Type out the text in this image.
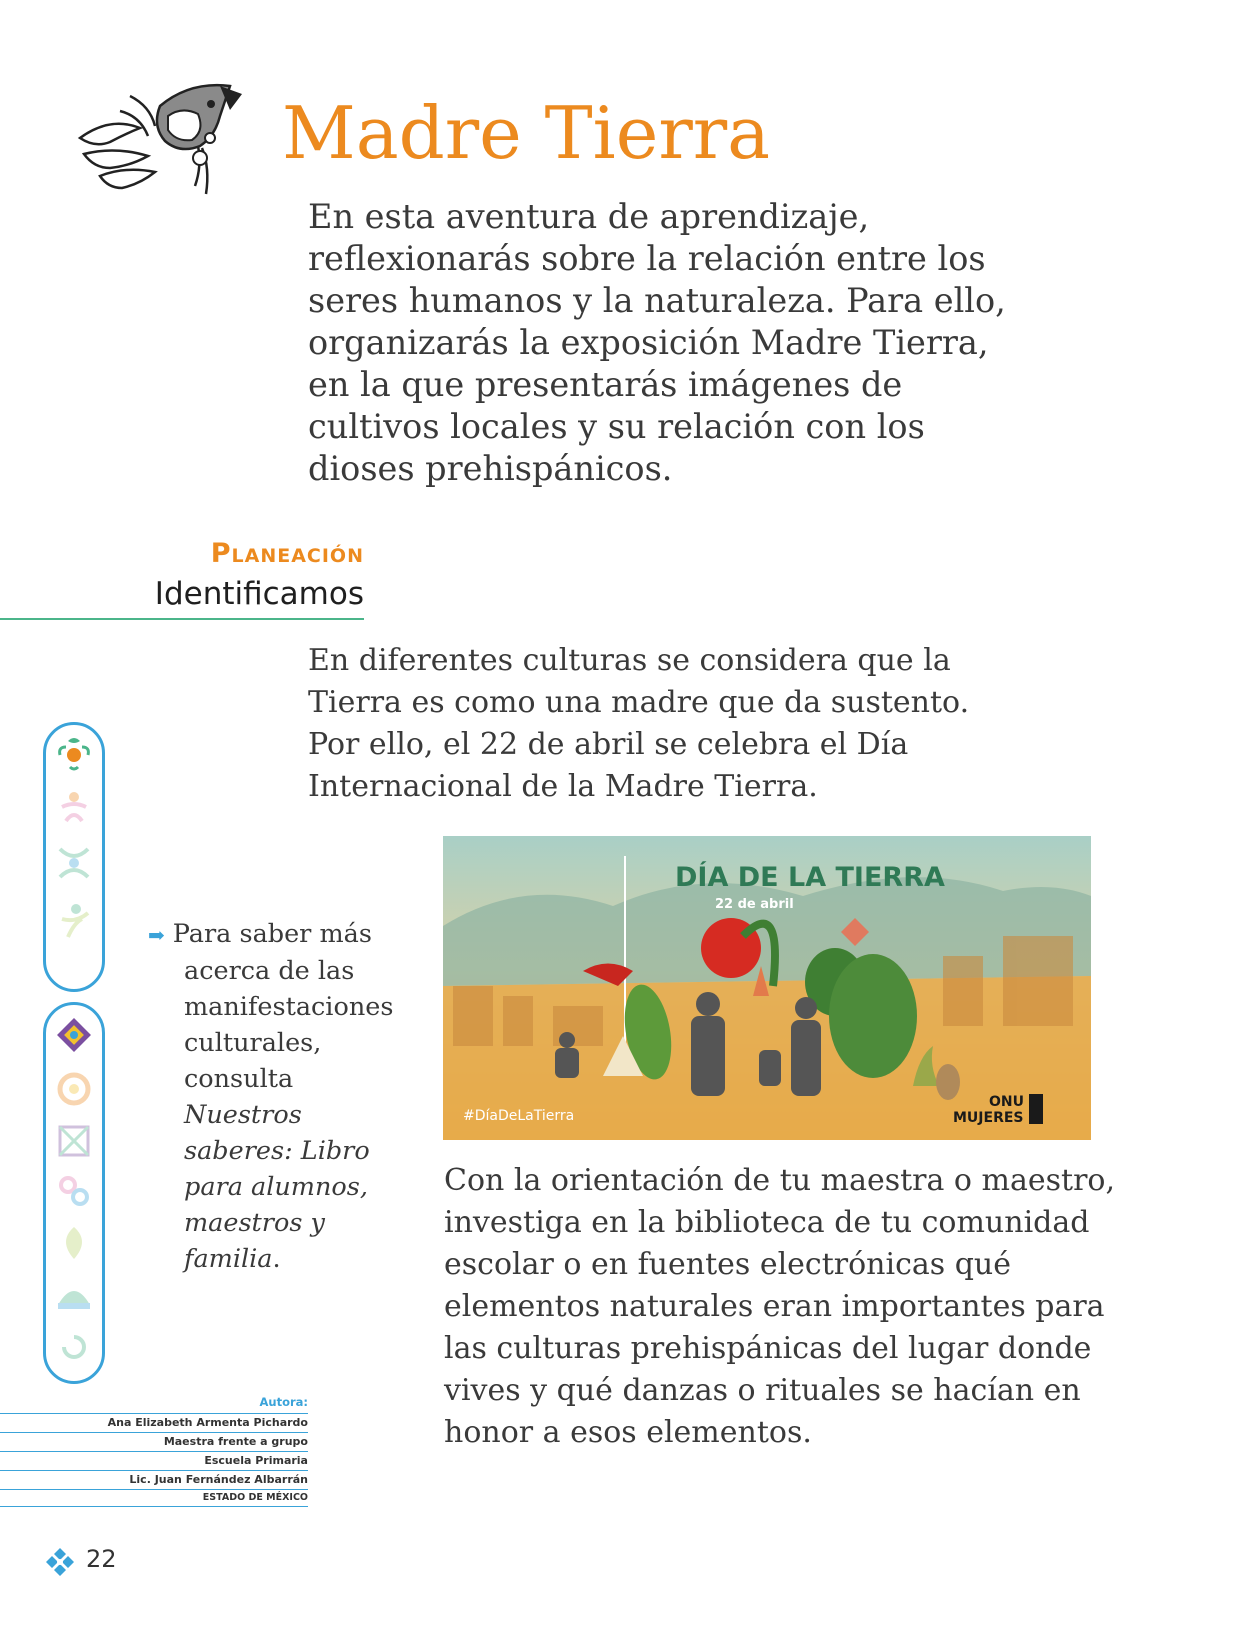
Madre Tierra

En esta aventura de aprendizaje, reflexionarás sobre la relación entre los seres humanos y la naturaleza. Para ello, organizarás la exposición Madre Tierra, en la que presentarás imágenes de cultivos locales y su relación con los dioses prehispánicos.

Planeación

Identificamos

En diferentes culturas se considera que la Tierra es como una madre que da sustento. Por ello, el 22 de abril se celebra el Día Internacional de la Madre Tierra.

➡ Para saber más
acerca de las manifestaciones culturales, consulta Nuestros saberes: Libro para alumnos, maestros y familia.

DÍA DE LA TIERRA
22 de abril
#DíaDeLaTierra
ONU
MUJERES

Con la orientación de tu maestra o maestro, investiga en la biblioteca de tu comunidad escolar o en fuentes electrónicas qué elementos naturales eran importantes para las culturas prehispánicas del lugar donde vives y qué danzas o rituales se hacían en honor a esos elementos.

Autora:

Ana Elizabeth Armenta Pichardo

Maestra frente a grupo

Escuela Primaria

Lic. Juan Fernández Albarrán

ESTADO DE MÉXICO

22
